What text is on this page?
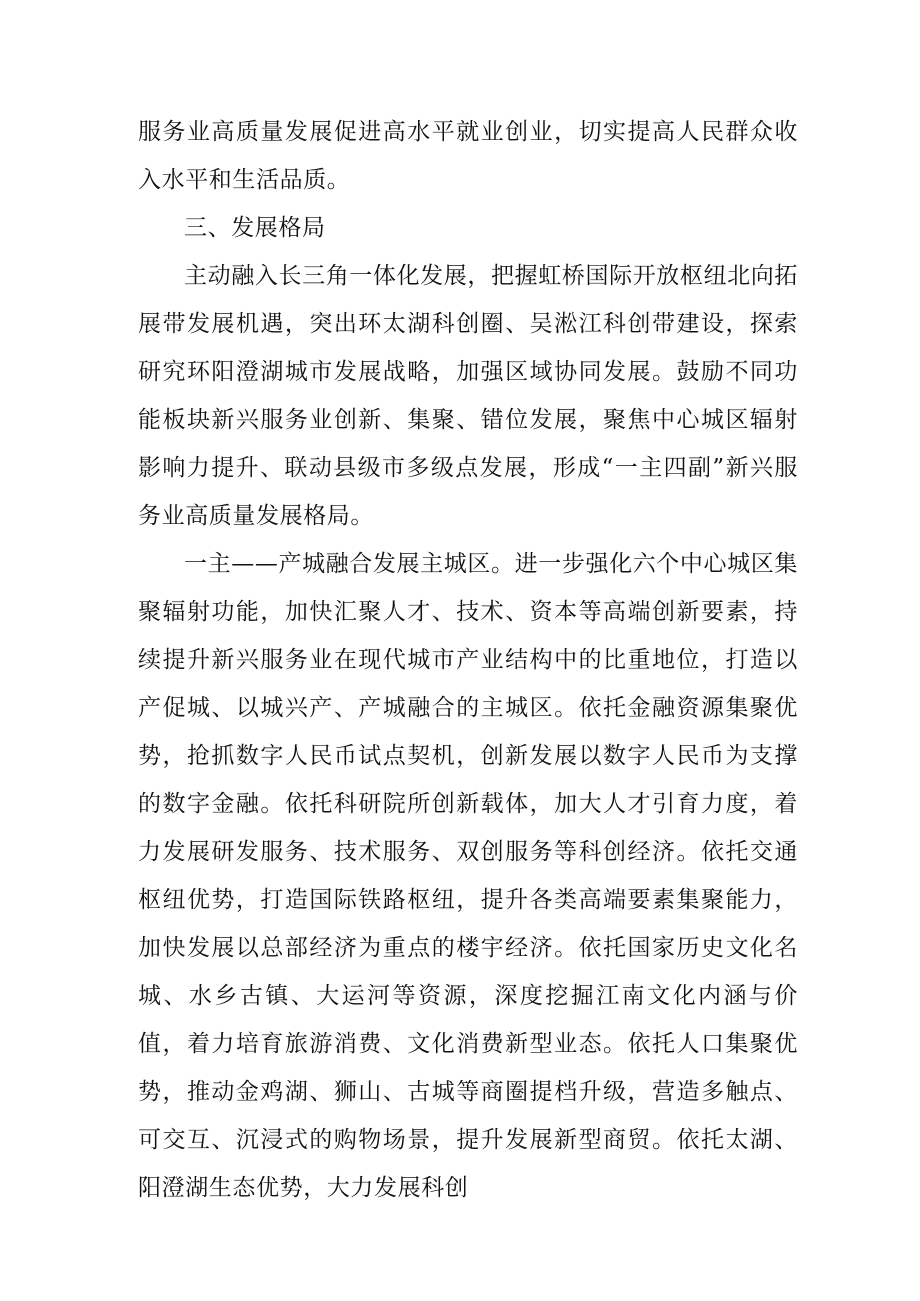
服务业高质量发展促进高水平就业创业，切实提高人民群众收入水平和生活品质。

三、发展格局

主动融入长三角一体化发展，把握虹桥国际开放枢纽北向拓展带发展机遇，突出环太湖科创圈、吴淞江科创带建设，探索研究环阳澄湖城市发展战略，加强区域协同发展。鼓励不同功能板块新兴服务业创新、集聚、错位发展，聚焦中心城区辐射影响力提升、联动县级市多级点发展，形成“一主四副”新兴服务业高质量发展格局。

一主——产城融合发展主城区。进一步强化六个中心城区集聚辐射功能，加快汇聚人才、技术、资本等高端创新要素，持续提升新兴服务业在现代城市产业结构中的比重地位，打造以产促城、以城兴产、产城融合的主城区。依托金融资源集聚优势，抢抓数字人民币试点契机，创新发展以数字人民币为支撑的数字金融。依托科研院所创新载体，加大人才引育力度，着力发展研发服务、技术服务、双创服务等科创经济。依托交通枢纽优势，打造国际铁路枢纽，提升各类高端要素集聚能力，加快发展以总部经济为重点的楼宇经济。依托国家历史文化名城、水乡古镇、大运河等资源，深度挖掘江南文化内涵与价值，着力培育旅游消费、文化消费新型业态。依托人口集聚优势，推动金鸡湖、狮山、古城等商圈提档升级，营造多触点、可交互、沉浸式的购物场景，提升发展新型商贸。依托太湖、阳澄湖生态优势，大力发展科创
